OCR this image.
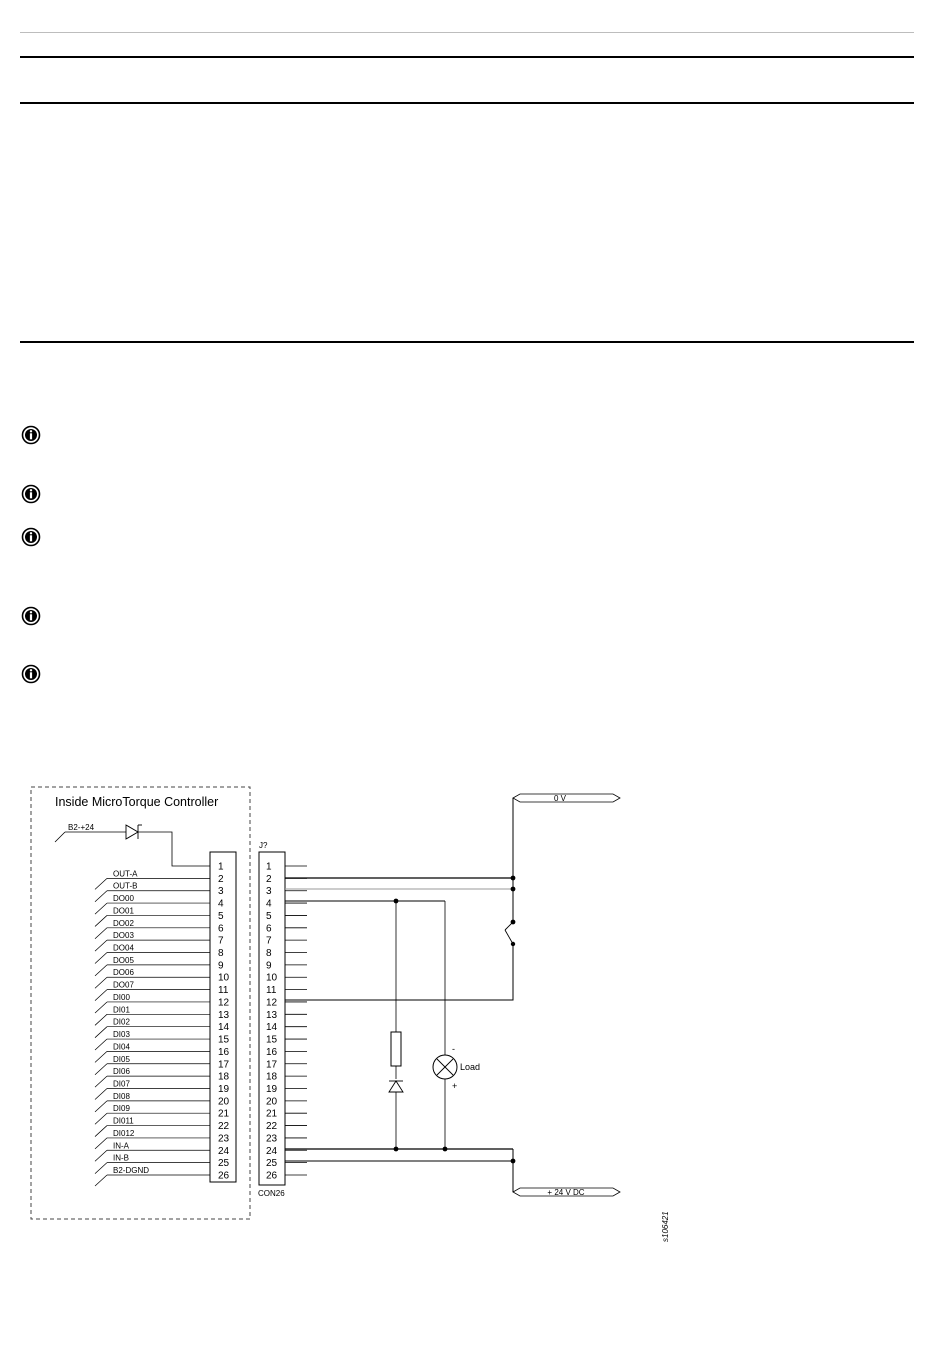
Inside MicroTorque Controller
B2-+24
1
2
OUT-A
3
OUT-B
4
DO00
5
DO01
6
DO02
7
DO03
8
DO04
9
DO05
10
DO06
11
DO07
12
DI00
13
DI01
14
DI02
15
DI03
16
DI04
17
DI05
18
DI06
19
DI07
20
DI08
21
DI09
22
DI011
23
DI012
24
IN-A
25
IN-B
26
B2-DGND
J?
CON26
1
2
3
4
5
6
7
8
9
10
11
12
13
14
15
16
17
18
19
20
21
22
23
24
25
26
0 V
Load
-
+
+ 24 V DC
s106421
